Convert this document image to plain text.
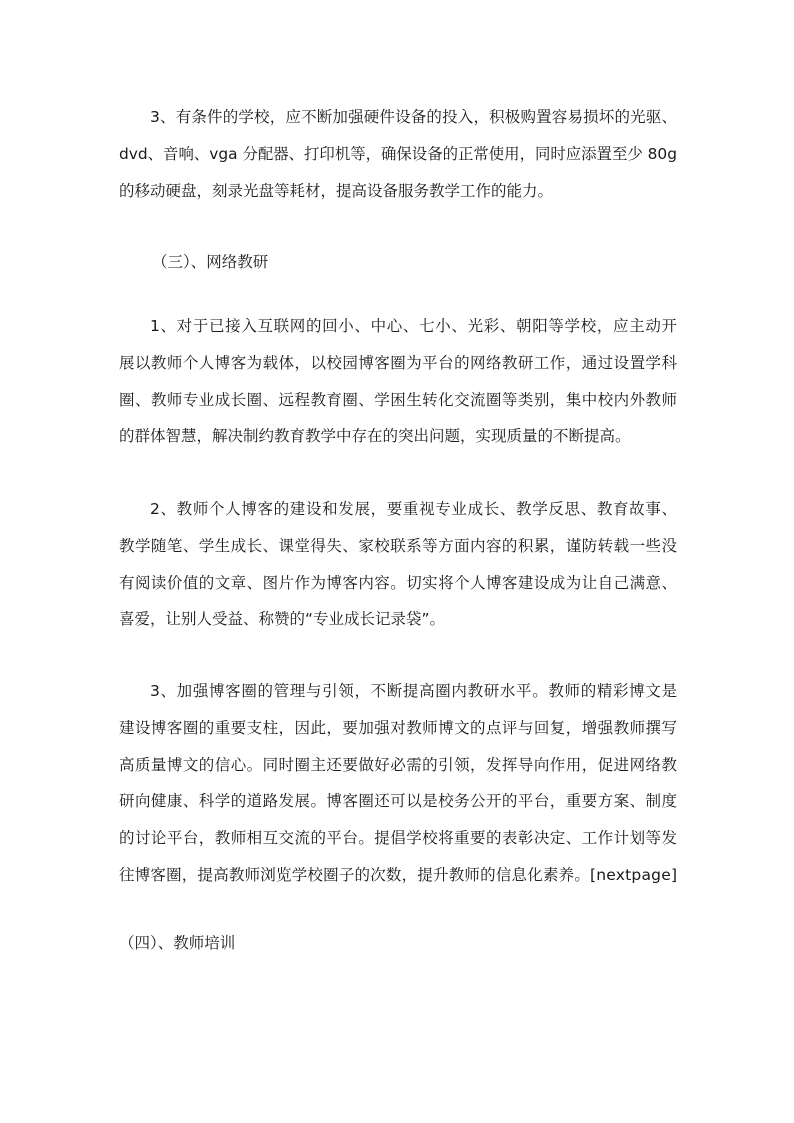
3、有条件的学校，应不断加强硬件设备的投入，积极购置容易损坏的光驱、
dvd、音响、vga 分配器、打印机等，确保设备的正常使用，同时应添置至少 80g
的移动硬盘，刻录光盘等耗材，提高设备服务教学工作的能力。
（三）、网络教研
1、对于已接入互联网的回小、中心、七小、光彩、朝阳等学校，应主动开
展以教师个人博客为载体，以校园博客圈为平台的网络教研工作，通过设置学科
圈、教师专业成长圈、远程教育圈、学困生转化交流圈等类别，集中校内外教师
的群体智慧，解决制约教育教学中存在的突出问题，实现质量的不断提高。
2、教师个人博客的建设和发展，要重视专业成长、教学反思、教育故事、
教学随笔、学生成长、课堂得失、家校联系等方面内容的积累，谨防转载一些没
有阅读价值的文章、图片作为博客内容。切实将个人博客建设成为让自己满意、
喜爱，让别人受益、称赞的“专业成长记录袋”。
3、加强博客圈的管理与引领，不断提高圈内教研水平。教师的精彩博文是
建设博客圈的重要支柱，因此，要加强对教师博文的点评与回复，增强教师撰写
高质量博文的信心。同时圈主还要做好必需的引领，发挥导向作用，促进网络教
研向健康、科学的道路发展。博客圈还可以是校务公开的平台，重要方案、制度
的讨论平台，教师相互交流的平台。提倡学校将重要的表彰决定、工作计划等发
往博客圈，提高教师浏览学校圈子的次数，提升教师的信息化素养。[nextpage]
（四）、教师培训
